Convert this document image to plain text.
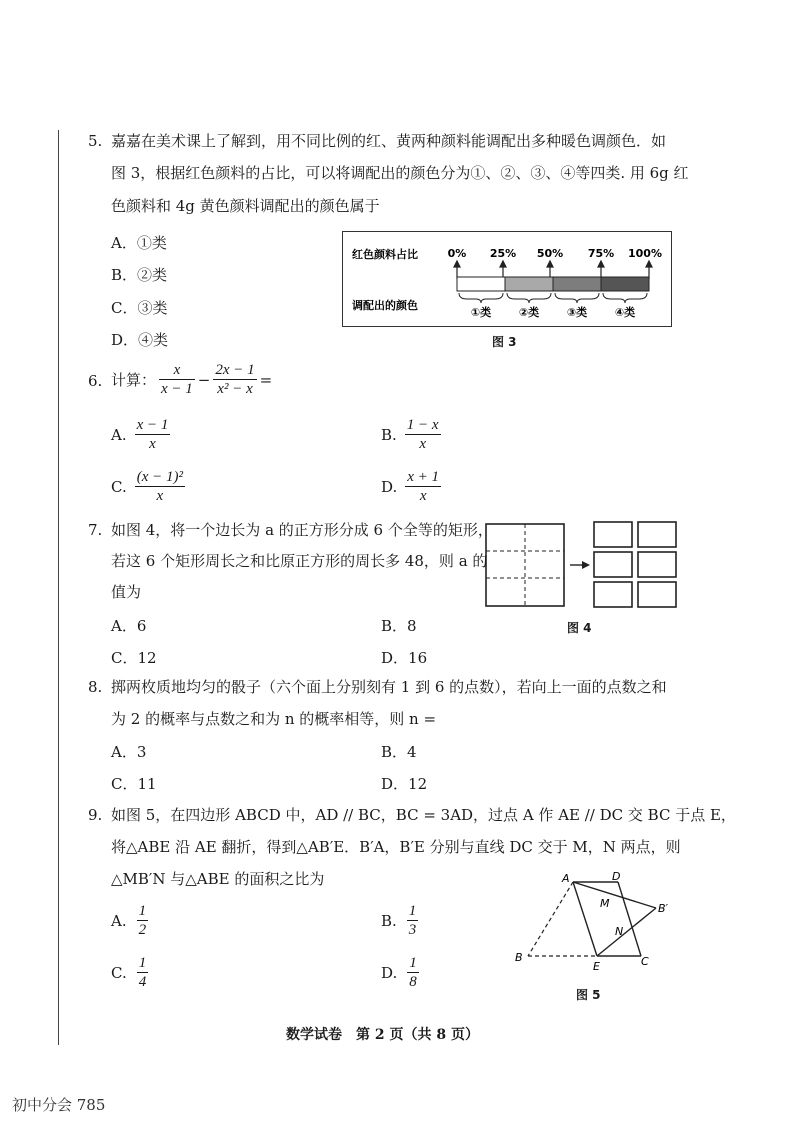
5. 嘉嘉在美术课上了解到，用不同比例的红、黄两种颜料能调配出多种暖色调颜色．如
图 3，根据红色颜料的占比，可以将调配出的颜色分为①、②、③、④等四类. 用 6g 红
色颜料和 4g 黄色颜料调配出的颜色属于
A．①类
B．②类
C．③类
D．④类
红色颜料占比
调配出的颜色
0% 25% 50% 75% 100%
①类	②类	③类	④类
图 3
6. 计算： $\frac{x}{x - 1} - \frac{2x - 1}{\text{x² − x}}$ =
A. $\frac{x - 1}{x}$	B. $\frac{1 - x}{x}$
C. $\frac{\text{(x − 1)²}}{x}$	D. $\frac{x + 1}{x}$
7. 如图 4，将一个边长为 a 的正方形分成 6 个全等的矩形，
若这 6 个矩形周长之和比原正方形的周长多 48，则 a 的
值为
A．6	B．8
C．12	D．16
图 4
8. 掷两枚质地均匀的骰子（六个面上分别刻有 1 到 6 的点数），若向上一面的点数之和
为 2 的概率与点数之和为 n 的概率相等，则 n =
A．3	B．4
C．11	D．12
9. 如图 5，在四边形 ABCD 中，AD // BC，BC = 3AD，过点 A 作 AE // DC 交 BC 于点 E，
将△ABE 沿 AE 翻折，得到△AB′E．B′A，B′E 分别与直线 DC 交于 M，N 两点，则
△MB′N 与△ABE 的面积之比为
A. $\frac{1}{2}$	B. $\frac{1}{3}$
C. $\frac{1}{4}$	D. $\frac{1}{8}$
A	D
M	B′
N
B
E	C
图 5
数学试卷　第 2 页（共 8 页）
初中分会 785
